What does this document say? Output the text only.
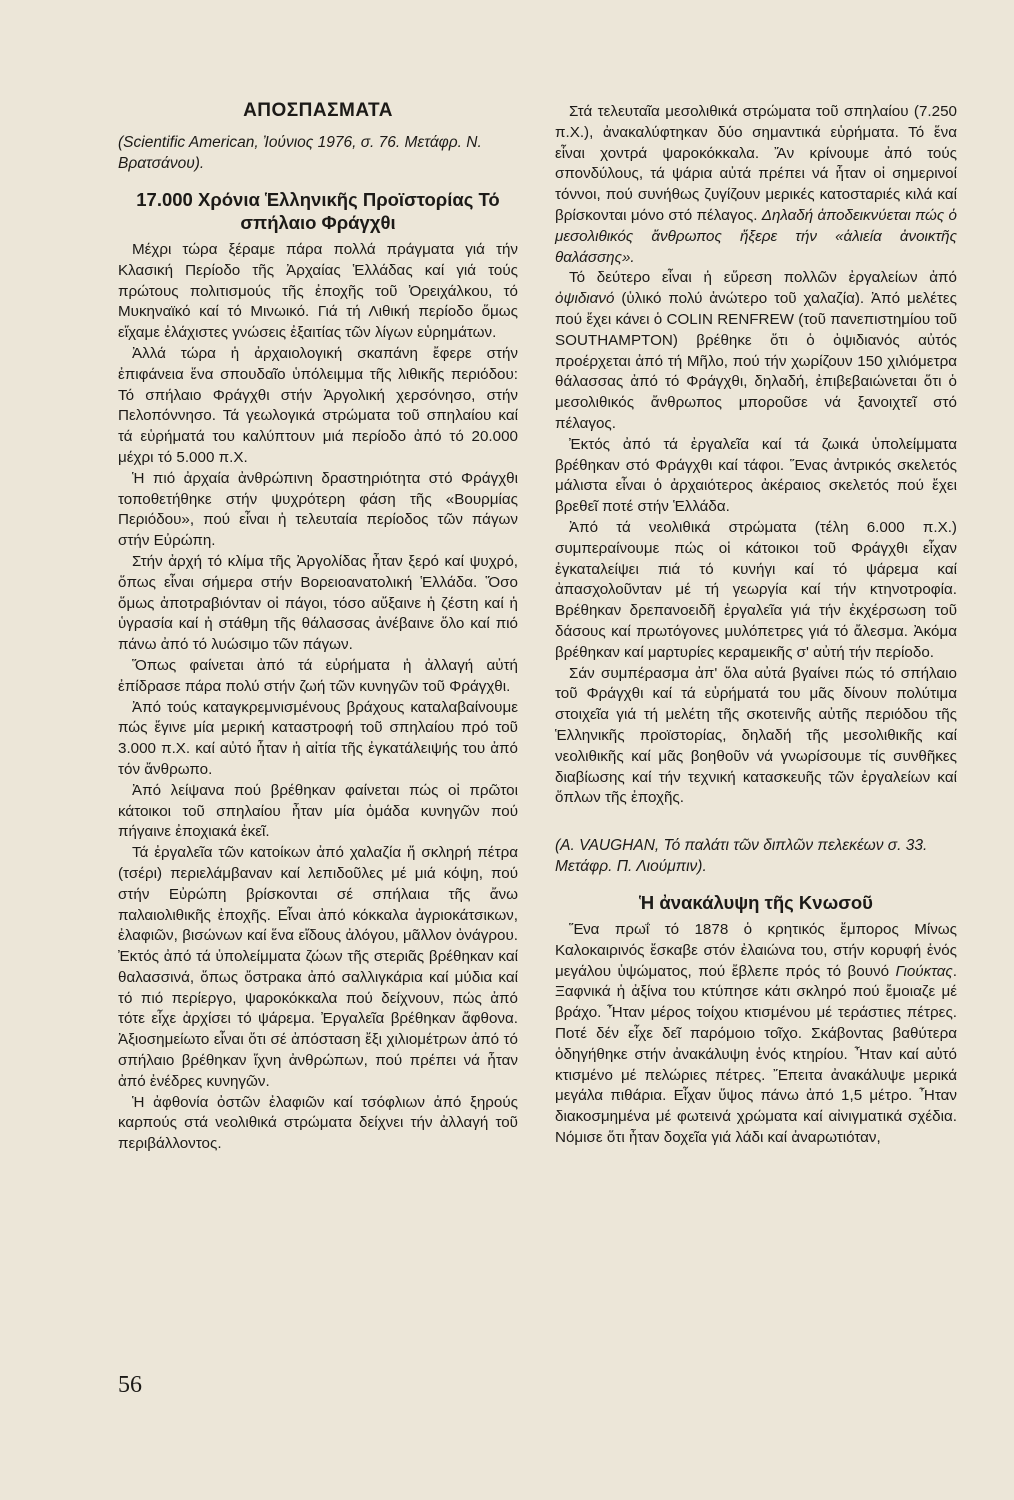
ΑΠΟΣΠΑΣΜΑΤΑ
(Scientific American, Ἰούνιος 1976, σ. 76. Μετάφρ. Ν. Βρατσάνου).
17.000 Χρόνια Ἑλληνικῆς Προϊστορίας Τό σπήλαιο Φράγχθι

Μέχρι τώρα ξέραμε πάρα πολλά πράγματα γιά τήν Κλασική Περίοδο τῆς Ἀρχαίας Ἑλλάδας καί γιά τούς πρώτους πολιτισμούς τῆς ἐποχῆς τοῦ Ὀρειχάλκου, τό Μυκηναϊκό καί τό Μινωικό. Γιά τή Λιθική περίοδο ὅμως εἴχαμε ἐλάχιστες γνώσεις ἐξαιτίας τῶν λίγων εὑρημάτων.

Ἀλλά τώρα ἡ ἀρχαιολογική σκαπάνη ἔφερε στήν ἐπιφάνεια ἕνα σπουδαῖο ὑπόλειμμα τῆς λιθικῆς περιόδου: Τό σπήλαιο Φράγχθι στήν Ἀργολική χερσόνησο, στήν Πελοπόννησο. Τά γεωλογικά στρώματα τοῦ σπηλαίου καί τά εὑρήματά του καλύπτουν μιά περίοδο ἀπό τό 20.000 μέχρι τό 5.000 π.Χ.

Ἡ πιό ἀρχαία ἀνθρώπινη δραστηριότητα στό Φράγχθι τοποθετήθηκε στήν ψυχρότερη φάση τῆς «Βουρμίας Περιόδου», πού εἶναι ἡ τελευταία περίοδος τῶν πάγων στήν Εὐρώπη.

Στήν ἀρχή τό κλίμα τῆς Ἀργολίδας ἦταν ξερό καί ψυχρό, ὅπως εἶναι σήμερα στήν Βορειοανατολική Ἑλλάδα. Ὅσο ὅμως ἀποτραβιόνταν οἱ πάγοι, τόσο αὔξαινε ἡ ζέστη καί ἡ ὑγρασία καί ἡ στάθμη τῆς θάλασσας ἀνέβαινε ὅλο καί πιό πάνω ἀπό τό λυώσιμο τῶν πάγων.

Ὅπως φαίνεται ἀπό τά εὑρήματα ἡ ἀλλαγή αὐτή ἐπίδρασε πάρα πολύ στήν ζωή τῶν κυνηγῶν τοῦ Φράγχθι.

Ἀπό τούς καταγκρεμνισμένους βράχους καταλαβαίνουμε πώς ἔγινε μία μερική καταστροφή τοῦ σπηλαίου πρό τοῦ 3.000 π.Χ. καί αὐτό ἦταν ἡ αἰτία τῆς ἐγκατάλειψής του ἀπό τόν ἄνθρωπο.

Ἀπό λείψανα πού βρέθηκαν φαίνεται πώς οἱ πρῶτοι κάτοικοι τοῦ σπηλαίου ἦταν μία ὁμάδα κυνηγῶν πού πήγαινε ἐποχιακά ἐκεῖ.

Τά ἐργαλεῖα τῶν κατοίκων ἀπό χαλαζία ἤ σκληρή πέτρα (τσέρι) περιελάμβαναν καί λεπιδοῦλες μέ μιά κόψη, πού στήν Εὐρώπη βρίσκονται σέ σπήλαια τῆς ἄνω παλαιολιθικῆς ἐποχῆς. Εἶναι ἀπό κόκκαλα ἀγριοκάτσικων, ἐλαφιῶν, βισώνων καί ἕνα εἴδους ἀλόγου, μᾶλλον ὀνάγρου. Ἐκτός ἀπό τά ὑπολείμματα ζώων τῆς στεριᾶς βρέθηκαν καί θαλασσινά, ὅπως ὄστρακα ἀπό σαλλιγκάρια καί μύδια καί τό πιό περίεργο, ψαροκόκκαλα πού δείχνουν, πώς ἀπό τότε εἶχε ἀρχίσει τό ψάρεμα. Ἐργαλεῖα βρέθηκαν ἄφθονα. Ἀξιοσημείωτο εἶναι ὅτι σέ ἀπόσταση ἔξι χιλιομέτρων ἀπό τό σπήλαιο βρέθηκαν ἴχνη ἀνθρώπων, πού πρέπει νά ἦταν ἀπό ἐνέδρες κυνηγῶν.

Ἡ ἀφθονία ὀστῶν ἐλαφιῶν καί τσόφλιων ἀπό ξηρούς καρπούς στά νεολιθικά στρώματα δείχνει τήν ἀλλαγή τοῦ περιβάλλοντος.

Στά τελευταῖα μεσολιθικά στρώματα τοῦ σπηλαίου (7.250 π.Χ.), ἀνακαλύφτηκαν δύο σημαντικά εὑρήματα. Τό ἕνα εἶναι χοντρά ψαροκόκκαλα. Ἄν κρίνουμε ἀπό τούς σπονδύλους, τά ψάρια αὐτά πρέπει νά ἦταν οἱ σημερινοί τόννοι, πού συνήθως ζυγίζουν μερικές κατοσταριές κιλά καί βρίσκονται μόνο στό πέλαγος. Δηλαδή ἀποδεικνύεται πώς ὁ μεσολιθικός ἄνθρωπος ἤξερε τήν «ἁλιεία ἀνοικτῆς θαλάσσης».

Τό δεύτερο εἶναι ἡ εὕρεση πολλῶν ἐργαλείων ἀπό ὀψιδιανό (ὑλικό πολύ ἀνώτερο τοῦ χαλαζία). Ἀπό μελέτες πού ἔχει κάνει ὁ COLIN RENFREW (τοῦ πανεπιστημίου τοῦ SOUTHAMPTON) βρέθηκε ὅτι ὁ ὀψιδιανός αὐτός προέρχεται ἀπό τή Μῆλο, πού τήν χωρίζουν 150 χιλιόμετρα θάλασσας ἀπό τό Φράγχθι, δηλαδή, ἐπιβεβαιώνεται ὅτι ὁ μεσολιθικός ἄνθρωπος μποροῦσε νά ξανοιχτεῖ στό πέλαγος.

Ἐκτός ἀπό τά ἐργαλεῖα καί τά ζωικά ὑπολείμματα βρέθηκαν στό Φράγχθι καί τάφοι. Ἕνας ἀντρικός σκελετός μάλιστα εἶναι ὁ ἀρχαιότερος ἀκέραιος σκελετός πού ἔχει βρεθεῖ ποτέ στήν Ἑλλάδα.

Ἀπό τά νεολιθικά στρώματα (τέλη 6.000 π.Χ.) συμπεραίνουμε πώς οἱ κάτοικοι τοῦ Φράγχθι εἶχαν ἐγκαταλείψει πιά τό κυνήγι καί τό ψάρεμα καί ἀπασχολοῦνταν μέ τή γεωργία καί τήν κτηνοτροφία. Βρέθηκαν δρεπανοειδῆ ἐργαλεῖα γιά τήν ἐκχέρσωση τοῦ δάσους καί πρωτόγονες μυλόπετρες γιά τό ἄλεσμα. Ἀκόμα βρέθηκαν καί μαρτυρίες κεραμεικῆς σ' αὐτή τήν περίοδο.

Σάν συμπέρασμα ἀπ' ὅλα αὐτά βγαίνει πώς τό σπήλαιο τοῦ Φράγχθι καί τά εὑρήματά του μᾶς δίνουν πολύτιμα στοιχεῖα γιά τή μελέτη τῆς σκοτεινῆς αὐτῆς περιόδου τῆς Ἑλληνικῆς προϊστορίας, δηλαδή τῆς μεσολιθικῆς καί νεολιθικῆς καί μᾶς βοηθοῦν νά γνωρίσουμε τίς συνθῆκες διαβίωσης καί τήν τεχνική κατασκευῆς τῶν ἐργαλείων καί ὅπλων τῆς ἐποχῆς.

(A. VAUGHAN, Τό παλάτι τῶν διπλῶν πελεκέων σ. 33. Μετάφρ. Π. Λιούμπιν).
Ἡ ἀνακάλυψη τῆς Κνωσοῦ

Ἕνα πρωΐ τό 1878 ὁ κρητικός ἔμπορος Μίνως Καλοκαιρινός ἔσκαβε στόν ἐλαιώνα του, στήν κορυφή ἑνός μεγάλου ὑψώματος, πού ἔβλεπε πρός τό βουνό Γιούκτας. Ξαφνικά ἡ ἀξίνα του κτύπησε κάτι σκληρό πού ἔμοιαζε μέ βράχο. Ἦταν μέρος τοίχου κτισμένου μέ τεράστιες πέτρες. Ποτέ δέν εἶχε δεῖ παρόμοιο τοῖχο. Σκάβοντας βαθύτερα ὁδηγήθηκε στήν ἀνακάλυψη ἑνός κτηρίου. Ἦταν καί αὐτό κτισμένο μέ πελώριες πέτρες. Ἔπειτα ἀνακάλυψε μερικά μεγάλα πιθάρια. Εἶχαν ὕψος πάνω ἀπό 1,5 μέτρο. Ἦταν διακοσμημένα μέ φωτεινά χρώματα καί αἰνιγματικά σχέδια. Νόμισε ὅτι ἦταν δοχεῖα γιά λάδι καί ἀναρωτιόταν,

56
